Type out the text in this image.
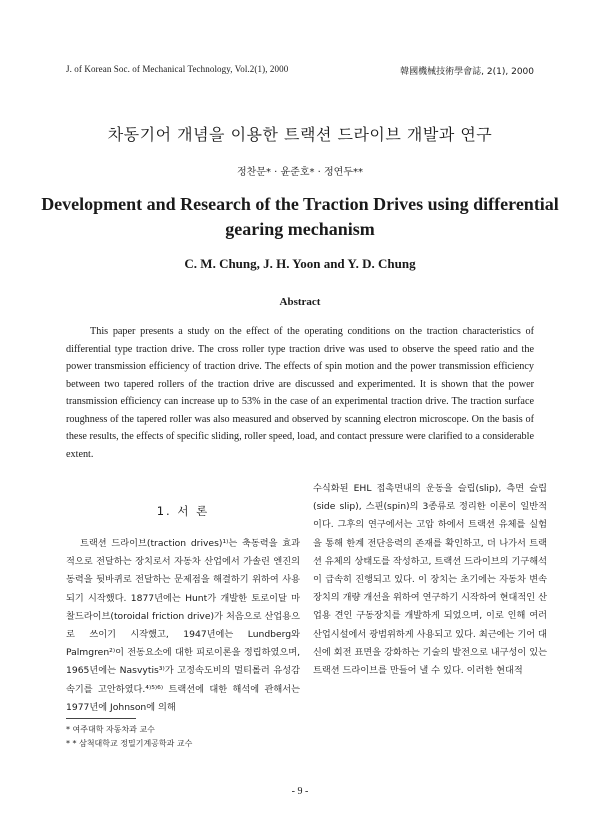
J. of Korean Soc. of Mechanical Technology, Vol.2(1), 2000	韓國機械技術學會誌, 2(1), 2000
차동기어 개념을 이용한 트랙션 드라이브 개발과 연구
정찬문* · 윤준호* · 정연두**
Development and Research of the Traction Drives using differential gearing mechanism
C. M. Chung, J. H. Yoon and Y. D. Chung
Abstract

This paper presents a study on the effect of the operating conditions on the traction characteristics of differential type traction drive. The cross roller type traction drive was used to observe the speed ratio and the power transmission efficiency of traction drive. The effects of spin motion and the power transmission efficiency between two tapered rollers of the traction drive are discussed and experimented. It is shown that the power transmission efficiency can increase up to 53% in the case of an experimental traction drive. The traction surface roughness of the tapered roller was also measured and observed by scanning electron microscope. On the basis of these results, the effects of specific sliding, roller speed, load, and contact pressure were clarified to a considerable extent.

1. 서 론

트랙션 드라이브(traction drives)¹⁾는 축동력을 효과적으로 전달하는 장치로서 자동차 산업에서 가솔린 엔진의 동력을 뒷바퀴로 전달하는 문제점을 해결하기 위하여 사용되기 시작했다. 1877년에는 Hunt가 개발한 토로이달 마찰드라이브(toroidal friction drive)가 처음으로 산업용으로 쓰이기 시작했고, 1947년에는 Lundberg와 Palmgren²⁾이 전동요소에 대한 피로이론을 정립하였으며, 1965년에는 Nasvytis³⁾가 고정속도비의 멀티롤러 유성감속기를 고안하였다.⁴⁾⁵⁾⁶⁾ 트랙션에 대한 해석에 관해서는 1977년에 Johnson에 의해

수식화된 EHL 접촉면내의 운동을 슬립(slip), 측면 슬립(side slip), 스핀(spin)의 3종류로 정리한 이론이 일반적이다. 그후의 연구에서는 고압 하에서 트랙션 유체를 실험을 통해 한계 전단응력의 존재를 확인하고, 더 나가서 트랙션 유체의 상태도를 작성하고, 트랙션 드라이브의 기구해석이 급속히 진행되고 있다. 이 장치는 초기에는 자동차 변속장치의 개량 개선을 위하여 연구하기 시작하여 현대적인 산업용 견인 구동장치를 개발하게 되었으며, 이로 인해 여러 산업시설에서 광범위하게 사용되고 있다. 최근에는 기어 대신에 회전 표면을 강화하는 기술의 발전으로 내구성이 있는 트랙션 드라이브를 만들어 낼 수 있다. 이러한 현대적

* 여주대학 자동차과 교수
* * 삼척대학교 정밀기계공학과 교수
- 9 -
